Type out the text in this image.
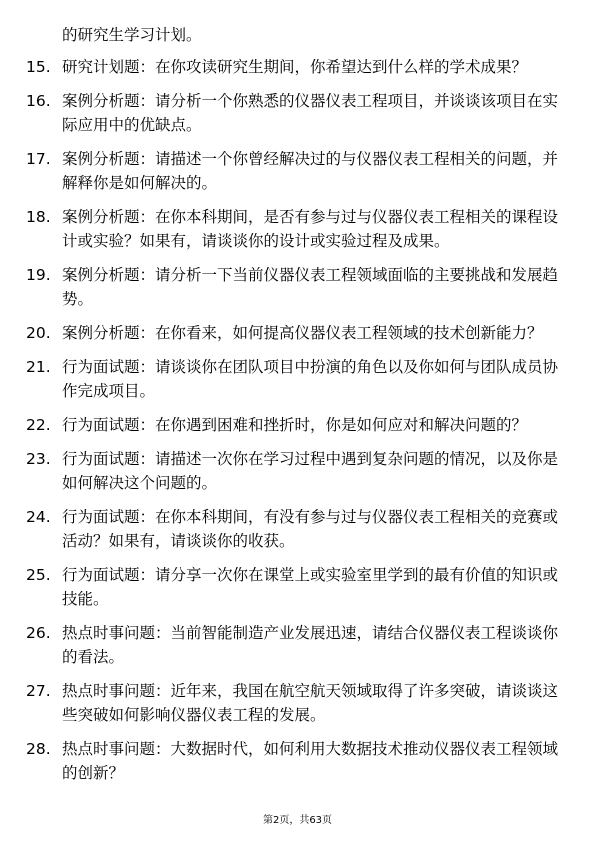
的研究生学习计划。
15. 研究计划题：在你攻读研究生期间，你希望达到什么样的学术成果？
16. 案例分析题：请分析一个你熟悉的仪器仪表工程项目，并谈谈该项目在实际应用中的优缺点。
17. 案例分析题：请描述一个你曾经解决过的与仪器仪表工程相关的问题，并解释你是如何解决的。
18. 案例分析题：在你本科期间，是否有参与过与仪器仪表工程相关的课程设计或实验？如果有，请谈谈你的设计或实验过程及成果。
19. 案例分析题：请分析一下当前仪器仪表工程领域面临的主要挑战和发展趋势。
20. 案例分析题：在你看来，如何提高仪器仪表工程领域的技术创新能力？
21. 行为面试题：请谈谈你在团队项目中扮演的角色以及你如何与团队成员协作完成项目。
22. 行为面试题：在你遇到困难和挫折时，你是如何应对和解决问题的？
23. 行为面试题：请描述一次你在学习过程中遇到复杂问题的情况，以及你是如何解决这个问题的。
24. 行为面试题：在你本科期间，有没有参与过与仪器仪表工程相关的竞赛或活动？如果有，请谈谈你的收获。
25. 行为面试题：请分享一次你在课堂上或实验室里学到的最有价值的知识或技能。
26. 热点时事问题：当前智能制造产业发展迅速，请结合仪器仪表工程谈谈你的看法。
27. 热点时事问题：近年来，我国在航空航天领域取得了许多突破，请谈谈这些突破如何影响仪器仪表工程的发展。
28. 热点时事问题：大数据时代，如何利用大数据技术推动仪器仪表工程领域的创新？
第2页，共63页
